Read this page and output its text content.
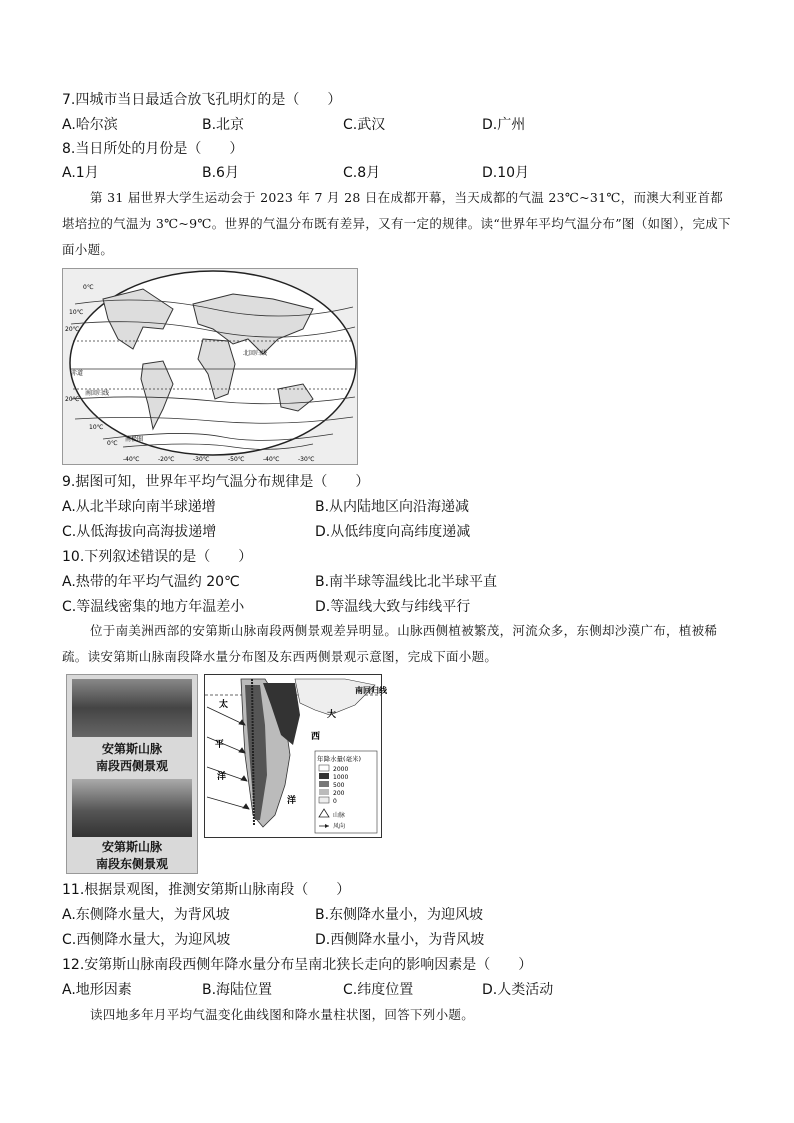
7.四城市当日最适合放飞孔明灯的是（　　）
A.哈尔滨	B.北京	C.武汉	D.广州
8.当日所处的月份是（　　）
A.1月	B.6月	C.8月	D.10月
第 31 届世界大学生运动会于 2023 年 7 月 28 日在成都开幕，当天成都的气温 23℃~31℃，而澳大利亚首都堪培拉的气温为 3℃~9℃。世界的气温分布既有差异，又有一定的规律。读“世界年平均气温分布”图（如图），完成下面小题。
北回归线
赤道
南回归线
南极圈
0℃
10℃
20℃
20℃
10℃
0℃
-40℃	-20℃	-30℃	-50℃	-40℃	-30℃
9.据图可知，世界年平均气温分布规律是（　　）
A.从北半球向南半球递增	B.从内陆地区向沿海递减
C.从低海拔向高海拔递增	D.从低纬度向高纬度递减
10.下列叙述错误的是（　　）
A.热带的年平均气温约 20℃	B.南半球等温线比北半球平直
C.等温线密集的地方年温差小	D.等温线大致与纬线平行
位于南美洲西部的安第斯山脉南段两侧景观差异明显。山脉西侧植被繁茂，河流众多，东侧却沙漠广布，植被稀疏。读安第斯山脉南段降水量分布图及东西两侧景观示意图，完成下面小题。
安第斯山脉
南段西侧景观
安第斯山脉
南段东侧景观
南回归线
太
平
洋
大
西
洋
年降水量(毫米)
2000
1000
500
200
0
山脉
风向
11.根据景观图，推测安第斯山脉南段（　　）
A.东侧降水量大，为背风坡	B.东侧降水量小，为迎风坡
C.西侧降水量大，为迎风坡	D.西侧降水量小，为背风坡
12.安第斯山脉南段西侧年降水量分布呈南北狭长走向的影响因素是（　　）
A.地形因素	B.海陆位置	C.纬度位置	D.人类活动
读四地多年月平均气温变化曲线图和降水量柱状图，回答下列小题。
